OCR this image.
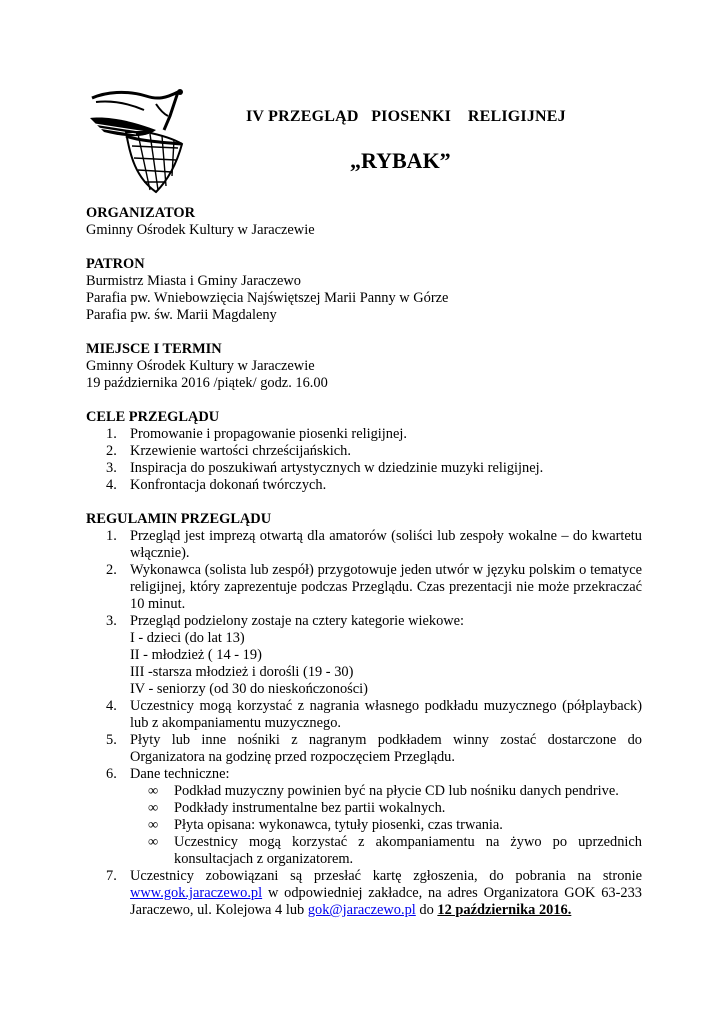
IV PRZEGLĄD   PIOSENKI    RELIGIJNEJ
„RYBAK”
ORGANIZATOR
Gminny Ośrodek Kultury w Jaraczewie
PATRON
Burmistrz Miasta i Gminy Jaraczewo
Parafia pw. Wniebowzięcia Najświętszej Marii Panny w Górze
Parafia pw. św. Marii Magdaleny
MIEJSCE I TERMIN
Gminny Ośrodek Kultury w Jaraczewie
19 października 2016 /piątek/ godz. 16.00
CELE PRZEGLĄDU
1. Promowanie i propagowanie piosenki religijnej.
2. Krzewienie wartości chrześcijańskich.
3. Inspiracja do poszukiwań artystycznych w dziedzinie muzyki religijnej.
4. Konfrontacja dokonań twórczych.
REGULAMIN PRZEGLĄDU
1. Przegląd jest imprezą otwartą dla amatorów (soliści lub zespoły wokalne – do kwartetu włącznie).
2. Wykonawca (solista lub zespół) przygotowuje jeden utwór w języku polskim o tematyce religijnej, który zaprezentuje podczas Przeglądu. Czas prezentacji nie może przekraczać 10 minut.
3. Przegląd podzielony zostaje na cztery kategorie wiekowe:
I - dzieci (do lat 13)
II - młodzież ( 14 - 19)
III -starsza młodzież i dorośli (19 - 30)
IV - seniorzy (od 30 do nieskończoności)
4. Uczestnicy mogą korzystać z nagrania własnego podkładu muzycznego (półplayback) lub z akompaniamentu muzycznego.
5. Płyty lub inne nośniki z nagranym podkładem winny zostać dostarczone do Organizatora na godzinę przed rozpoczęciem Przeglądu.
6. Dane techniczne:
∞ Podkład muzyczny powinien być na płycie CD lub nośniku danych pendrive.
∞ Podkłady instrumentalne bez partii wokalnych.
∞ Płyta opisana: wykonawca, tytuły piosenki, czas trwania.
∞ Uczestnicy mogą korzystać z akompaniamentu na żywo po uprzednich konsultacjach z organizatorem.
7. Uczestnicy zobowiązani są przesłać kartę zgłoszenia, do pobrania na stronie www.gok.jaraczewo.pl w odpowiedniej zakładce, na adres Organizatora GOK 63-233 Jaraczewo, ul. Kolejowa 4 lub gok@jaraczewo.pl do 12 października 2016.
